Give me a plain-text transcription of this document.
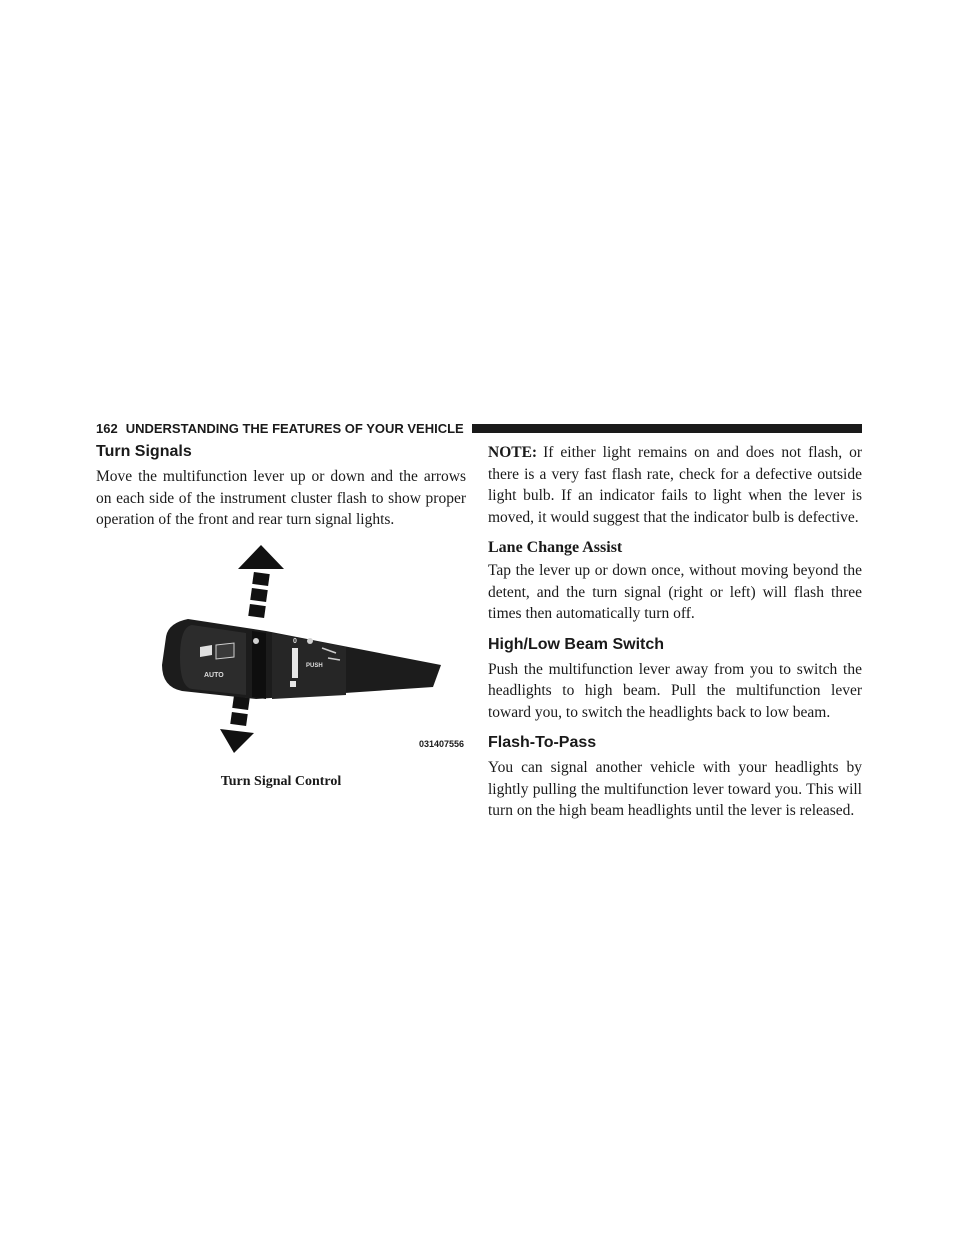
162 UNDERSTANDING THE FEATURES OF YOUR VEHICLE
Turn Signals

Move the multifunction lever up or down and the arrows on each side of the instrument cluster flash to show proper operation of the front and rear turn signal lights.

AUTO
PUSH
0
031407556
Turn Signal Control

NOTE: If either light remains on and does not flash, or there is a very fast flash rate, check for a defective outside light bulb. If an indicator fails to light when the lever is moved, it would suggest that the indicator bulb is defective.

Lane Change Assist

Tap the lever up or down once, without moving beyond the detent, and the turn signal (right or left) will flash three times then automatically turn off.

High/Low Beam Switch

Push the multifunction lever away from you to switch the headlights to high beam. Pull the multifunction lever toward you, to switch the headlights back to low beam.

Flash-To-Pass

You can signal another vehicle with your headlights by lightly pulling the multifunction lever toward you. This will turn on the high beam headlights until the lever is released.
